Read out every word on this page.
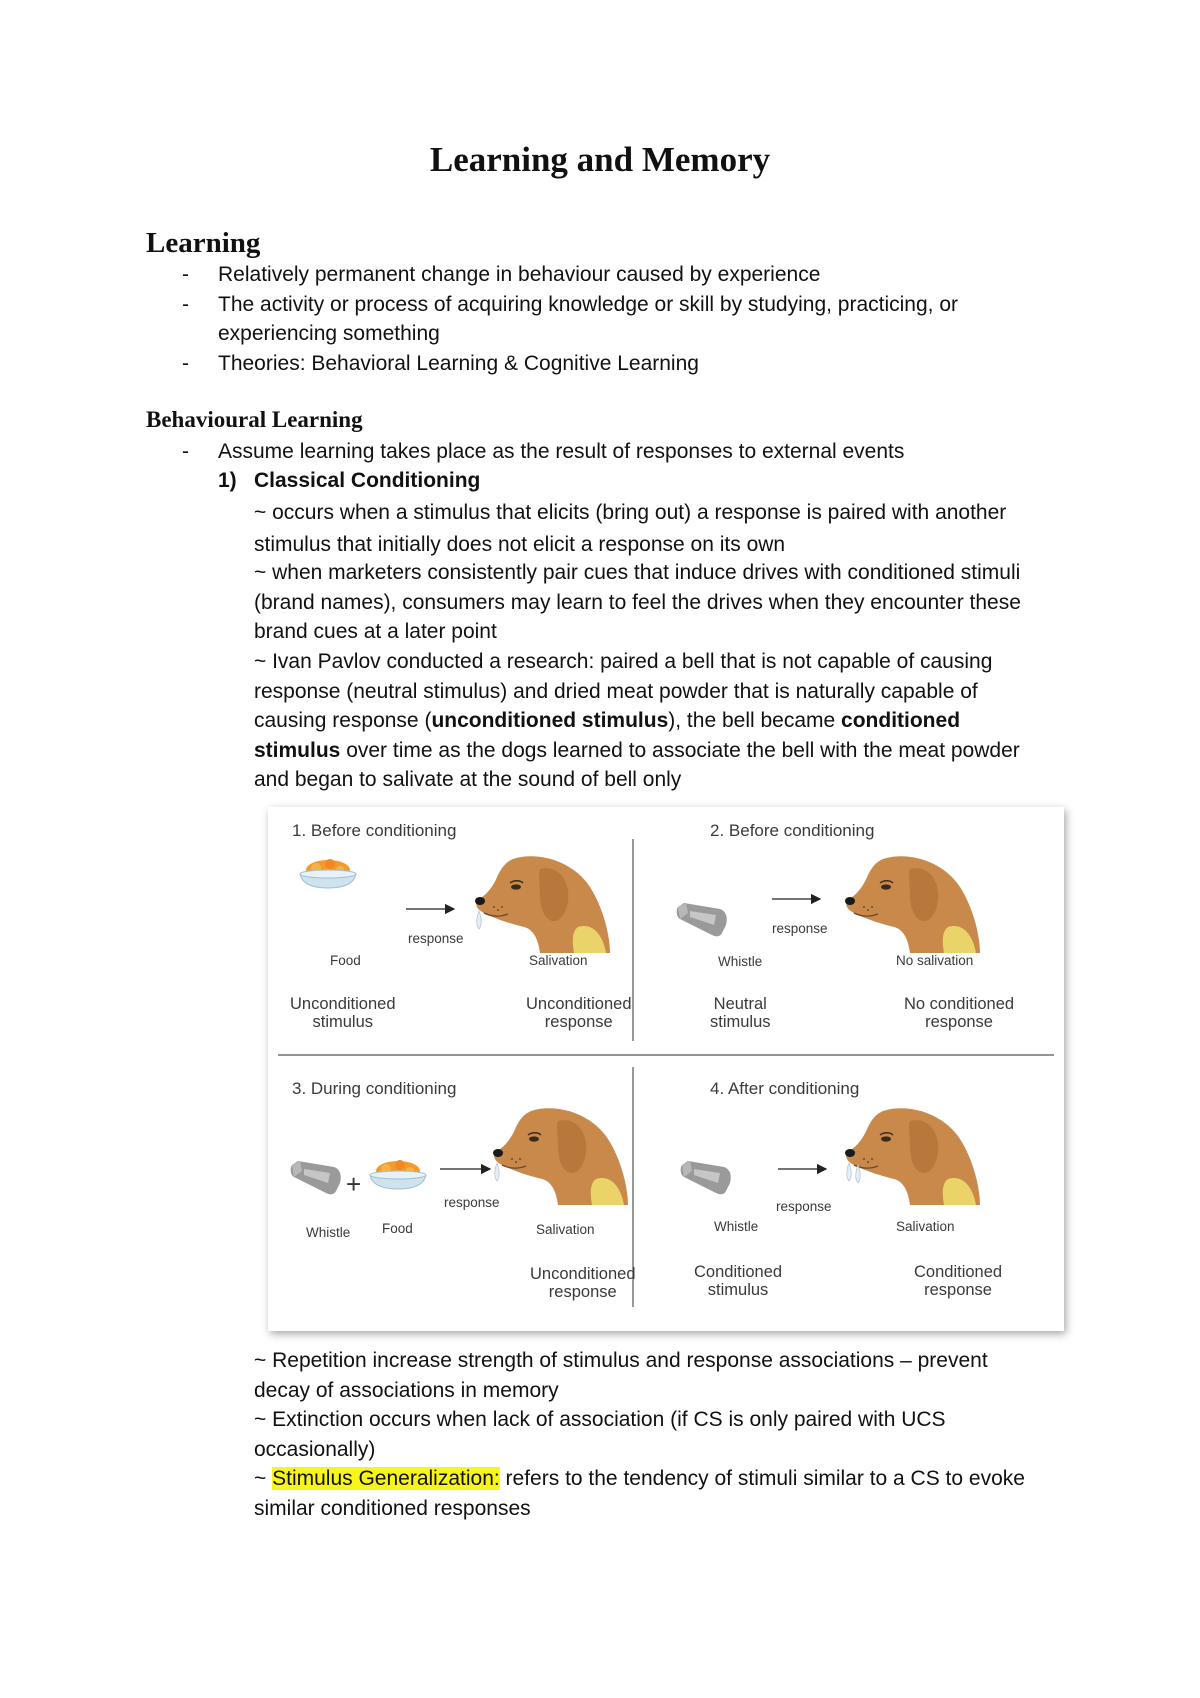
Learning and Memory
Learning
- Relatively permanent change in behaviour caused by experience
- The activity or process of acquiring knowledge or skill by studying, practicing, or experiencing something
- Theories: Behavioral Learning & Cognitive Learning
Behavioural Learning
- Assume learning takes place as the result of responses to external events
1) Classical Conditioning

~ occurs when a stimulus that elicits (bring out) a response is paired with another stimulus that initially does not elicit a response on its own

~ when marketers consistently pair cues that induce drives with conditioned stimuli (brand names), consumers may learn to feel the drives when they encounter these brand cues at a later point

~ Ivan Pavlov conducted a research: paired a bell that is not capable of causing response (neutral stimulus) and dried meat powder that is naturally capable of causing response (unconditioned stimulus), the bell became conditioned stimulus over time as the dogs learned to associate the bell with the meat powder and began to salivate at the sound of bell only

+
1. Before conditioning
response
Food	Salivation
Unconditioned
stimulus
Unconditioned
response
2. Before conditioning
response
Whistle	No salivation
Neutral
stimulus
No conditioned
response
3. During conditioning
response
Whistle Food	Salivation
Unconditioned
response
4. After conditioning
response
Whistle	Salivation
Conditioned
stimulus
Conditioned
response

~ Repetition increase strength of stimulus and response associations – prevent decay of associations in memory

~ Extinction occurs when lack of association (if CS is only paired with UCS occasionally)

~ Stimulus Generalization: refers to the tendency of stimuli similar to a CS to evoke similar conditioned responses
